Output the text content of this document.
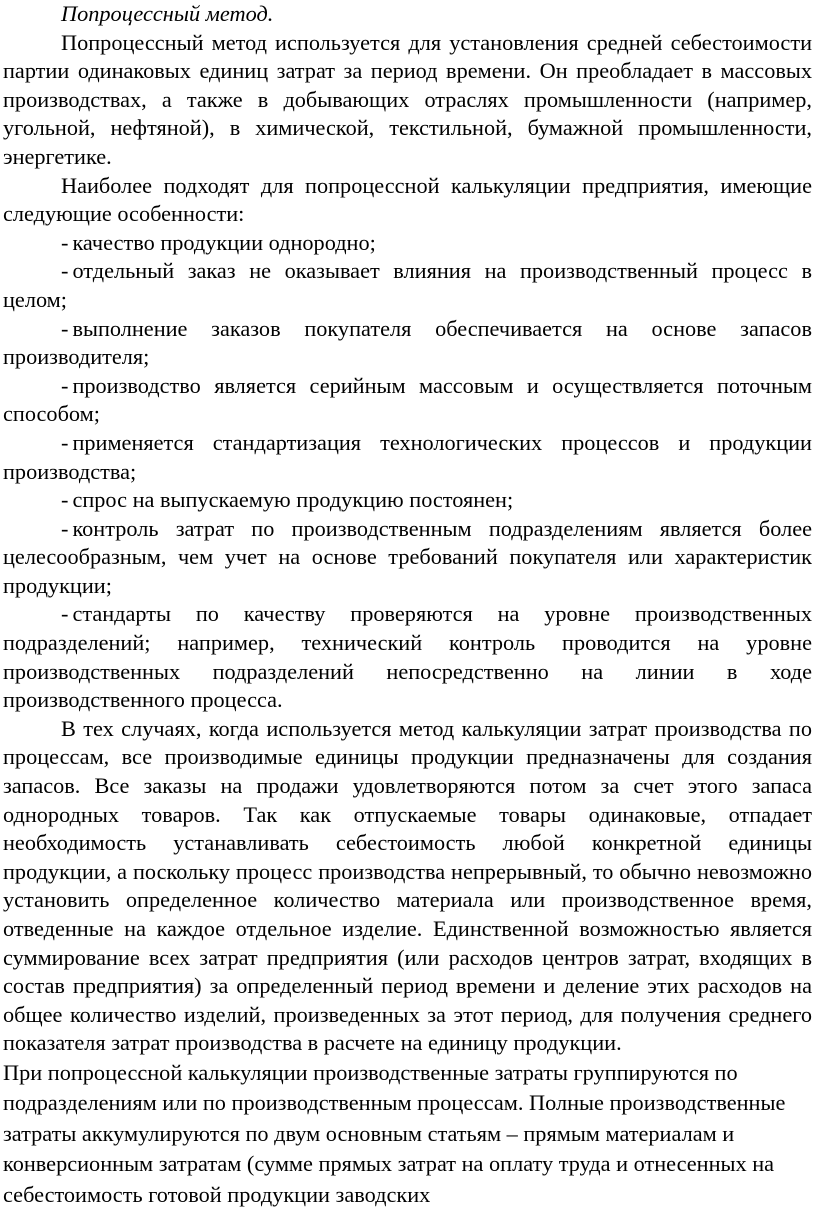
Попроцессный метод.

Попроцессный метод используется для установления средней себестоимости партии одинаковых единиц затрат за период времени. Он преобладает в массовых производствах, а также в добывающих отраслях промышленности (например, угольной, нефтяной), в химической, текстильной, бумажной промышленности, энергетике.

Наиболее подходят для попроцессной калькуляции предприятия, имеющие следующие особенности:

- качество продукции однородно;

- отдельный заказ не оказывает влияния на производственный процесс в целом;

- выполнение заказов покупателя обеспечивается на основе запасов производителя;

- производство является серийным массовым и осуществляется поточным способом;

- применяется стандартизация технологических процессов и продукции производства;

- спрос на выпускаемую продукцию постоянен;

- контроль затрат по производственным подразделениям является более целесообразным, чем учет на основе требований покупателя или характеристик продукции;

- стандарты по качеству проверяются на уровне производственных подразделений; например, технический контроль проводится на уровне производственных подразделений непосредственно на линии в ходе производственного процесса.

В тех случаях, когда используется метод калькуляции затрат производства по процессам, все производимые единицы продукции предназначены для создания запасов. Все заказы на продажи удовлетворяются потом за счет этого запаса однородных товаров. Так как отпускаемые товары одинаковые, отпадает необходимость устанавливать себестоимость любой конкретной единицы продукции, а поскольку процесс производства непрерывный, то обычно невозможно установить определенное количество материала или производственное время, отведенные на каждое отдельное изделие. Единственной возможностью является суммирование всех затрат предприятия (или расходов центров затрат, входящих в состав предприятия) за определенный период времени и деление этих расходов на общее количество изделий, произведенных за этот период, для получения среднего показателя затрат производства в расчете на единицу продукции.

При попроцессной калькуляции производственные затраты группируются по подразделениям или по производственным процессам. Полные производственные затраты аккумулируются по двум основным статьям – прямым материалам и конверсионным затратам (сумме прямых затрат на оплату труда и отнесенных на себестоимость готовой продукции заводских
